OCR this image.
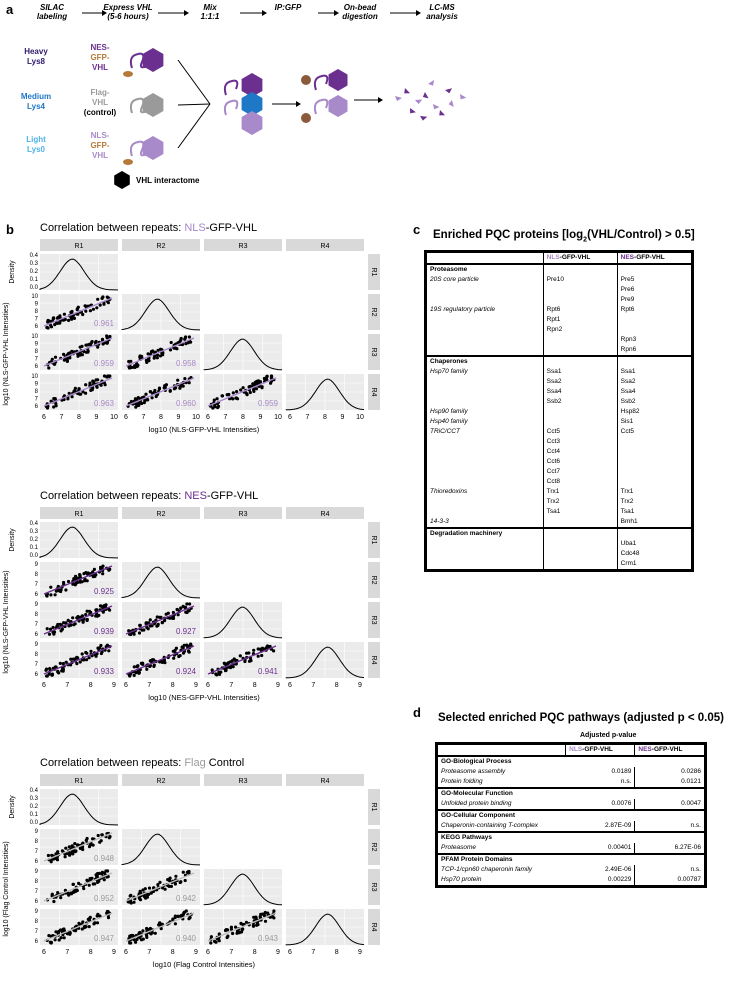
a	SILAC labeling
Express VHL (5-6 hours)
Mix 1:1:1
IP:GFP	On-bead digestion
LC-MS analysis
Heavy Lys8
NES-GFP-VHL
Medium Lys4
Flag-VHL (control)
Light Lys0
NLS-GFP-VHL
VHL interactome
b Correlation between repeats: NLS-GFP-VHL
R1	R2	R3	R4
R1
R2
R3
R4
0.961
0.959	0.958
0.963	0.960	0.959
0.4
0.3
0.2
0.1
0.0
Density
10
9
8
7
6
10
9
8
7
6
10
9
8
7
6
log10 (NLS-GFP-VHL Intensities)
6 7 8 9 10 6 7 8 9 10 6 7 8 9 10 6 7 8 9 10
log10 (NLS-GFP-VHL Intensities)
Correlation between repeats: NES-GFP-VHL
R1	R2	R3	R4
R1
R2
R3
R4
0.925
0.939	0.927
0.933	0.924	0.941
0.4
0.3
0.2
0.1
0.0
Density
9
8
7
6
9
8
7
6
9
8
7
6
log10 (NLS-GFP-VHL Intensities)
6	7	8	9 6	7	8	9 6	7	8	9 6	7	8	9
log10 (NES-GFP-VHL Intensities)
Correlation between repeats: Flag Control
R1	R2	R3	R4
R1
R2
R3
R4
0.948
0.952	0.942
0.947	0.940	0.943
0.4
0.3
0.2
0.1
0.0
Density
9
8
7
6
9
8
7
6
9
8
7
6
log10 (Flag Control Intensities)
6	7	8	9 6	7	8	9 6	7	8	9 6	7	8	9
log10 (Flag Control Intensities)
c Enriched PQC proteins $[\log_2(VHL/Control) > 0.5]$
	NLS-GFP-VHL	NES-GFP-VHL
Proteasome		
20S core particle	Pre10	Pre5
		Pre6
		Pre9
19S regulatory particle	Rpt6	Rpt6
	Rpt1	
	Rpn2	
		Rpn3
		Rpn6
Chaperones		
Hsp70 family	Ssa1	Ssa1
	Ssa2	Ssa2
	Ssa4	Ssa4
	Ssb2	Ssb2
Hsp90 family		Hsp82
Hsp40 family		Sis1
TRiC/CCT	Cct5	Cct5
	Cct3	
	Cct4	
	Cct6	
	Cct7	
	Cct8	
Thioredoxins	Trx1	Trx1
	Trx2	Trx2
	Tsa1	Tsa1
14-3-3		Bmh1
Degradation machinery		
		Uba1
		Cdc48
		Crm1
d Selected enriched PQC pathways (adjusted p < 0.05)
Adjusted p-value
	NLS-GFP-VHL	NES-GFP-VHL
GO-Biological Process		
Proteasome assembly	0.0189	0.0286
Protein folding	n.s.	0.0121
GO-Molecular Function		
Unfolded protein binding	0.0076	0.0047
GO-Cellular Component		
Chaperonin-containing T-complex	2.87E-09	n.s.
KEGG Pathways		
Proteasome	0.00401	6.27E-06
PFAM Protein Domains		
TCP-1/cpn60 chaperonin family	2.49E-06	n.s.
Hsp70 protein	0.00229	0.00787
